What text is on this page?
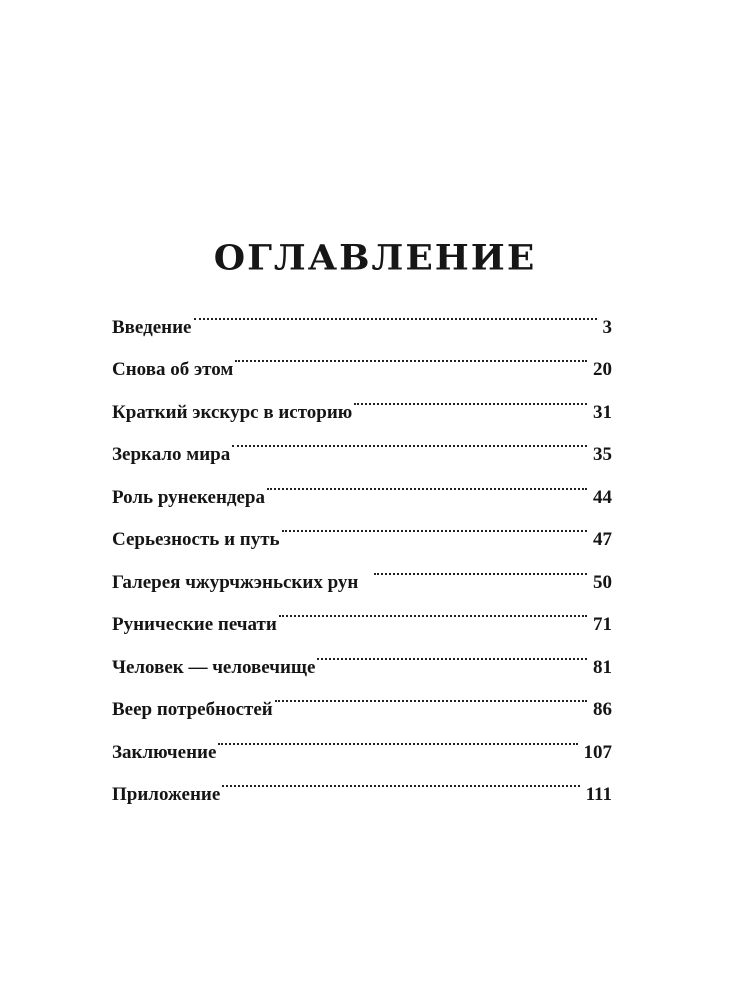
ОГЛАВЛЕНИЕ
Введение	3
Снова об этом	20
Краткий экскурс в историю	31
Зеркало мира	35
Роль рунекендера	44
Серьезность и путь	47
Галерея чжурчжэньских рун	50
Рунические печати	71
Человек — человечище	81
Веер потребностей	86
Заключение	107
Приложение	111
